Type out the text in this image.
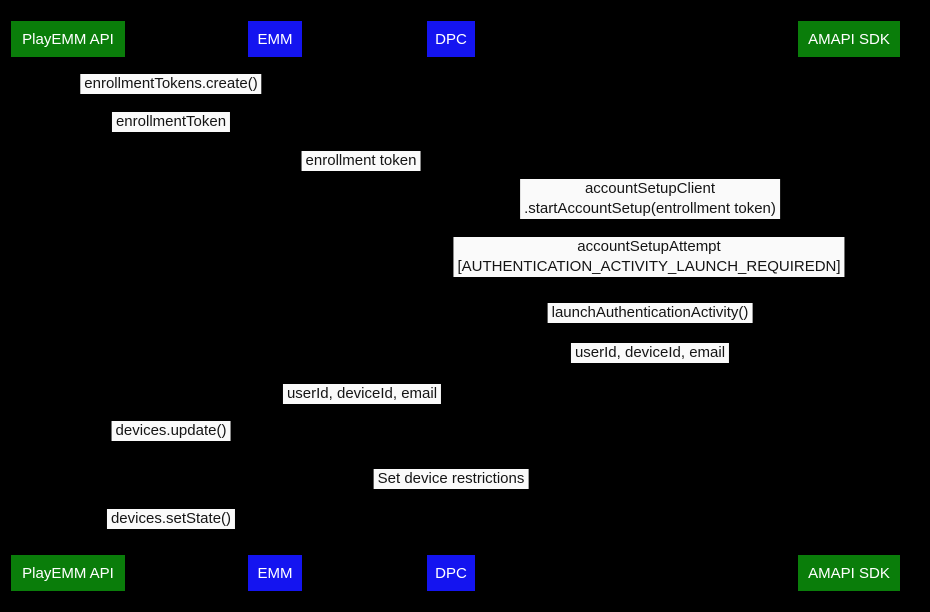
PlayEMM API	EMM	DPC	AMAPI SDK
enrollmentTokens.create()
enrollmentToken
enrollment token
accountSetupClient
.startAccountSetup(entrollment token)
accountSetupAttempt
[AUTHENTICATION_ACTIVITY_LAUNCH_REQUIREDN]
launchAuthenticationActivity()
userId, deviceId, email
userId, deviceId, email
devices.update()
Set device restrictions
devices.setState()
PlayEMM API	EMM	DPC	AMAPI SDK
